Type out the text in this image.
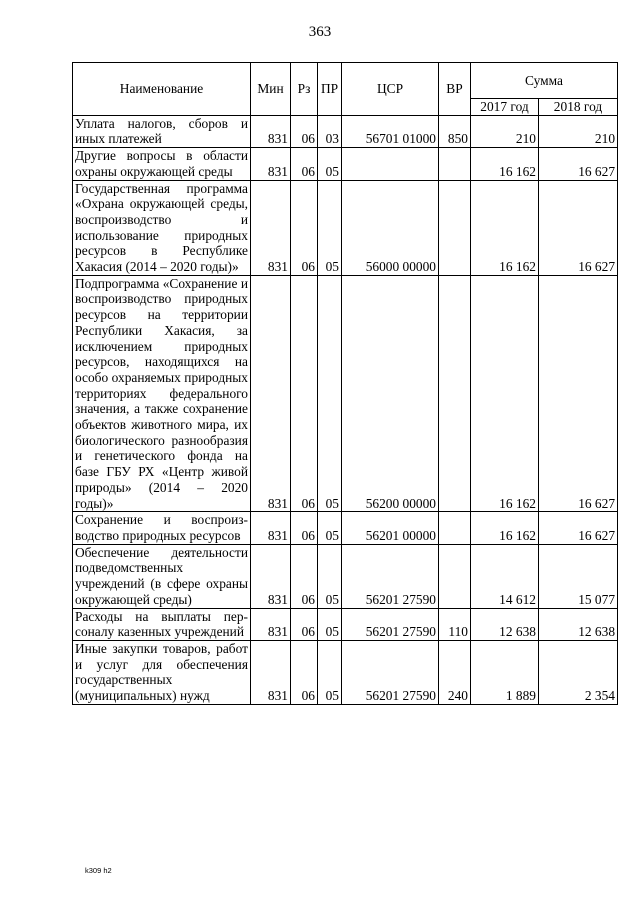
363
Наименование	Мин	Рз	ПР	ЦСР	ВР	Сумма	
						2017 год	2018 год
Уплата налогов, сборов и иных платежей	831	06	03	56701 01000	850	210	210
Другие вопросы в области охраны окружающей среды	831	06	05			16 162	16 627
Государственная программа «Охрана окружающей среды, воспроизводство и использование природных ресурсов в Республике Хакасия (2014 – 2020 годы)»	831	06	05	56000 00000		16 162	16 627
Подпрограмма «Сохранение и воспроизводство природных ресурсов на территории Республики Хакасия, за исключением природных ресурсов, находящихся на особо охраняемых природных территориях федерального значения, а также сохранение объектов животного мира, их биологического разнообразия и генетического фонда на базе ГБУ РХ «Центр живой природы» (2014 – 2020 годы)»	831	06	05	56200 00000		16 162	16 627
Сохранение и воспроизводство природных ресурсов	831	06	05	56201 00000		16 162	16 627
Обеспечение деятельности подведомственных учреждений (в сфере охраны окружающей среды)	831	06	05	56201 27590		14 612	15 077
Расходы на выплаты персоналу казенных учреждений	831	06	05	56201 27590	110	12 638	12 638
Иные закупки товаров, работ и услуг для обеспечения государственных (муниципальных) нужд	831	06	05	56201 27590	240	1 889	2 354
k309 h2
